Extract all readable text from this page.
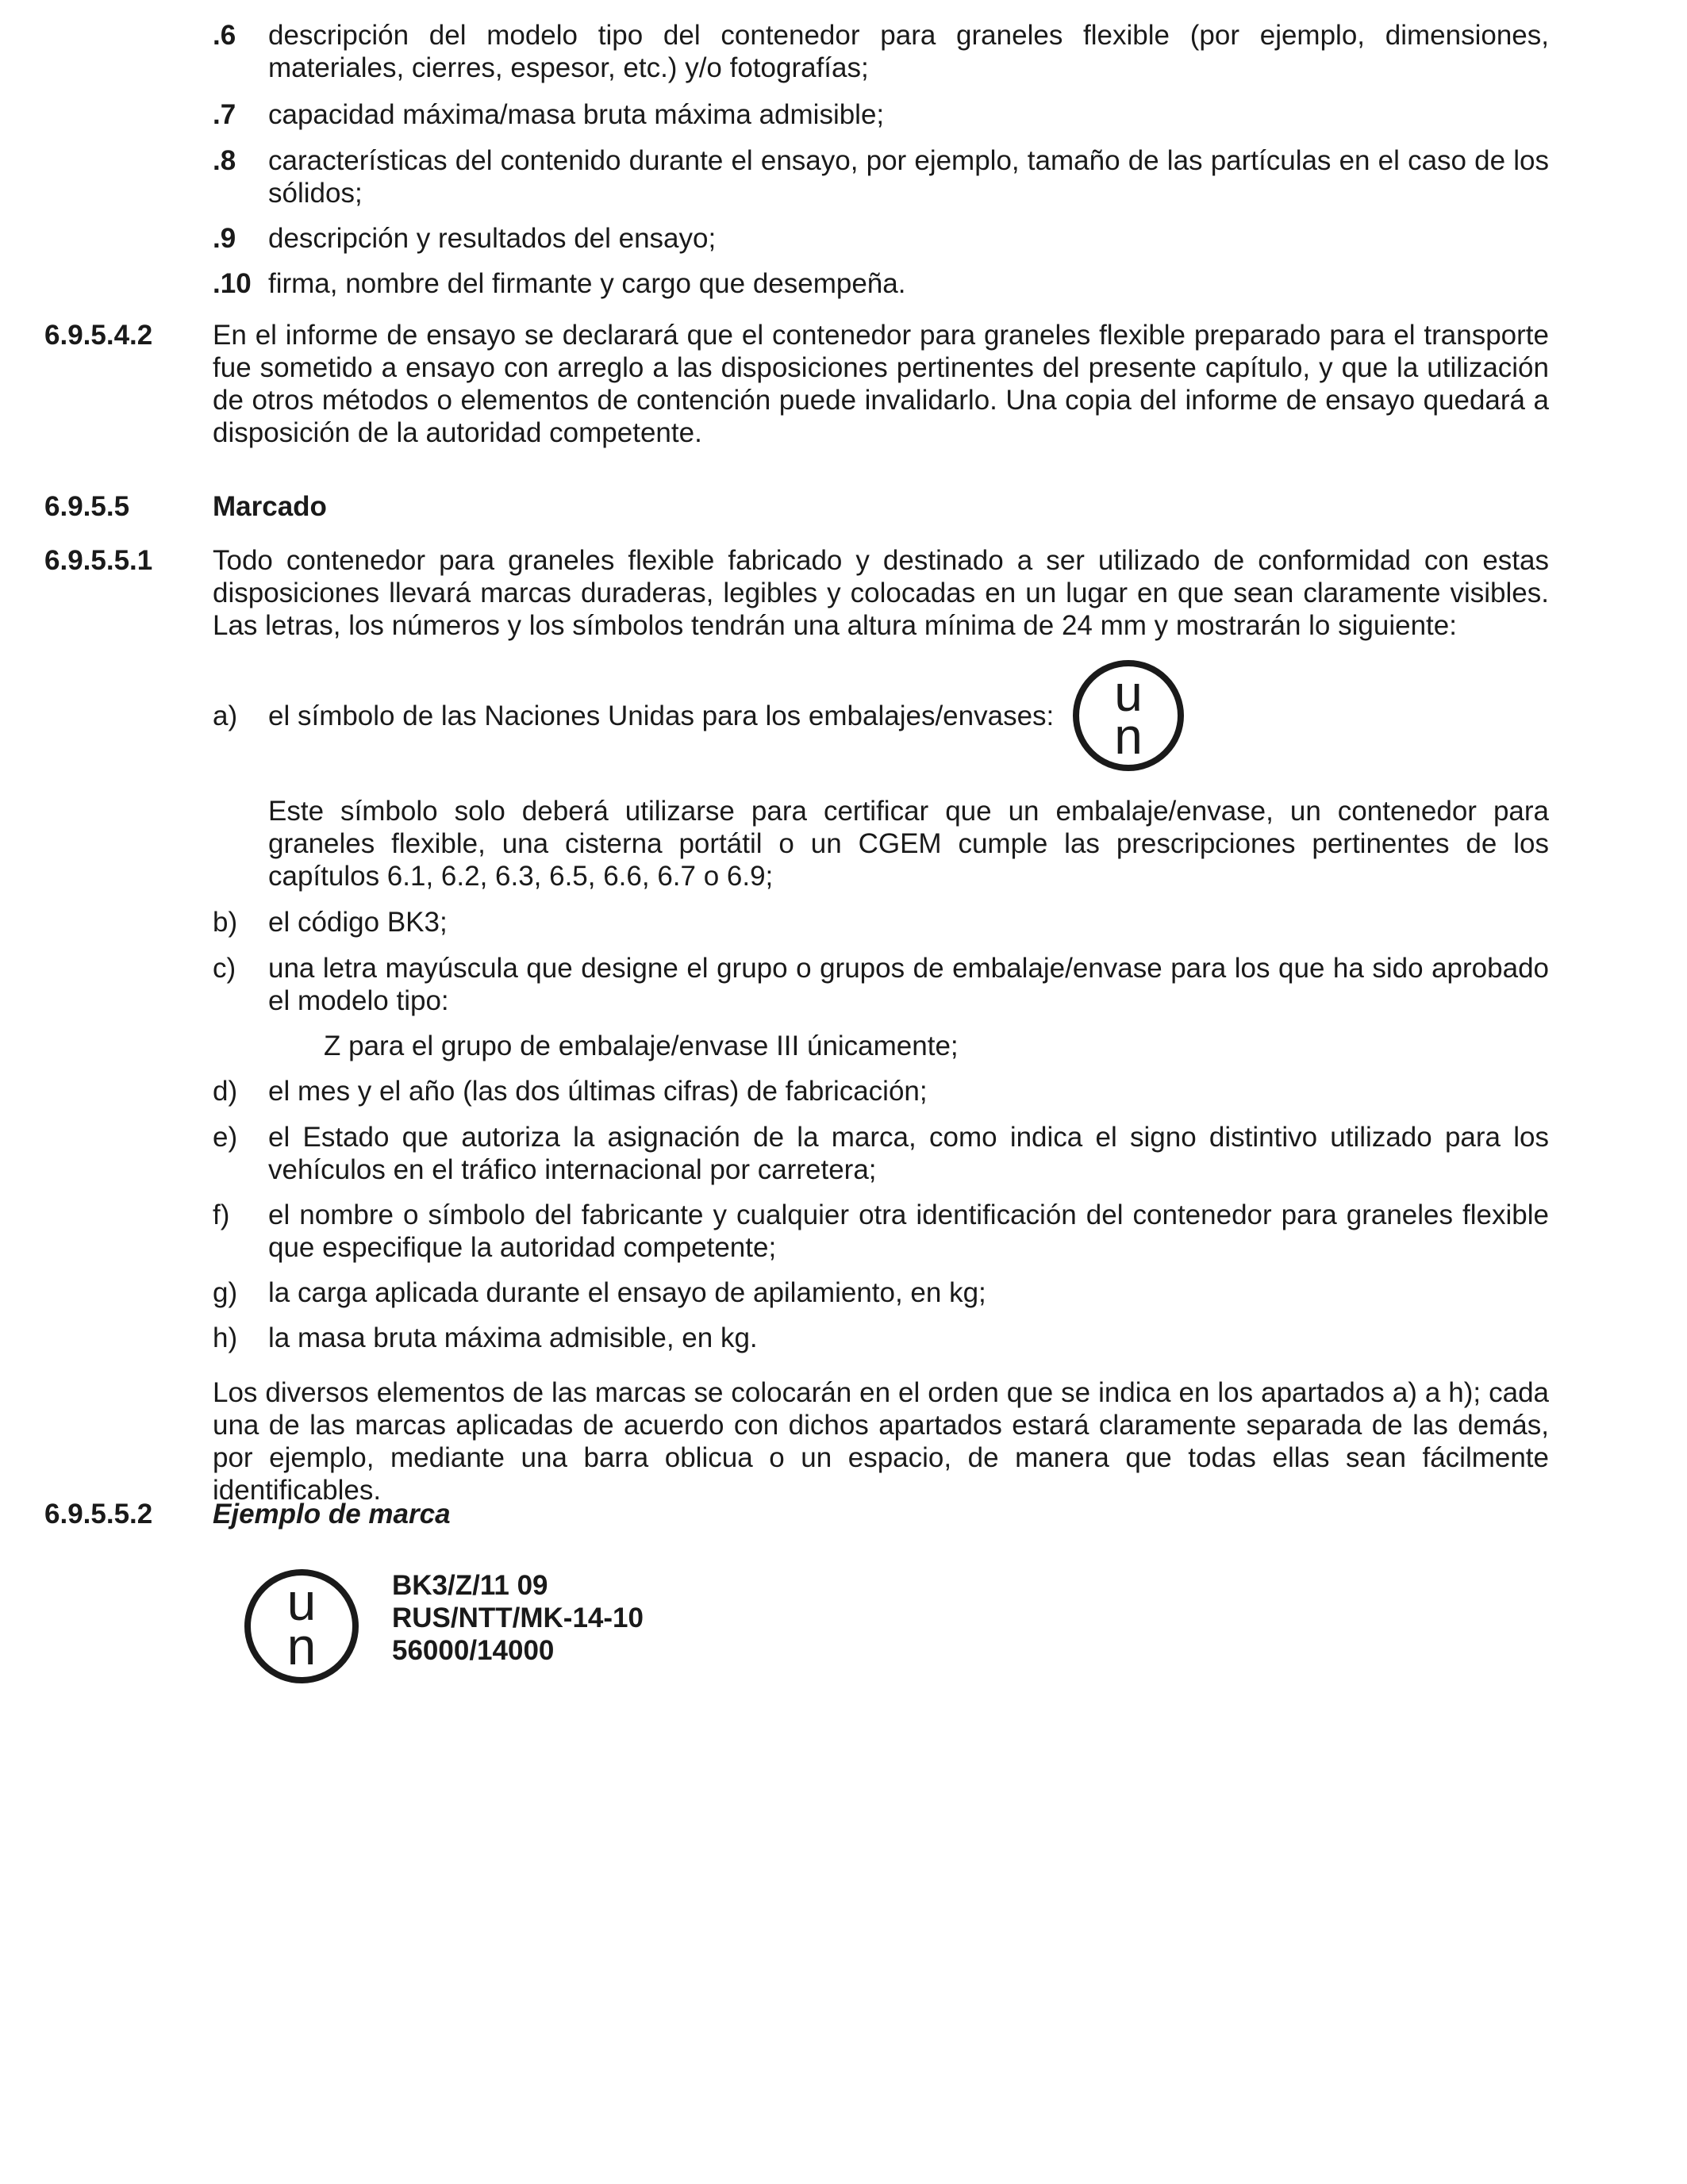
.6 descripción del modelo tipo del contenedor para graneles flexible (por ejemplo, dimensiones, materiales, cierres, espesor, etc.) y/o fotografías;
.7 capacidad máxima/masa bruta máxima admisible;
.8 características del contenido durante el ensayo, por ejemplo, tamaño de las partículas en el caso de los sólidos;
.9 descripción y resultados del ensayo;
.10 firma, nombre del firmante y cargo que desempeña.
6.9.5.4.2 En el informe de ensayo se declarará que el contenedor para graneles flexible preparado para el transporte fue sometido a ensayo con arreglo a las disposiciones pertinentes del presente capítulo, y que la utilización de otros métodos o elementos de contención puede invalidarlo. Una copia del informe de ensayo quedará a disposición de la autoridad competente.
6.9.5.5	Marcado
6.9.5.5.1 Todo contenedor para graneles flexible fabricado y destinado a ser utilizado de conformidad con estas disposiciones llevará marcas duraderas, legibles y colocadas en un lugar en que sean claramente visibles. Las letras, los números y los símbolos tendrán una altura mínima de 24 mm y mostrarán lo siguiente:
a) el símbolo de las Naciones Unidas para los embalajes/envases: u
n
Este símbolo solo deberá utilizarse para certificar que un embalaje/envase, un contenedor para graneles flexible, una cisterna portátil o un CGEM cumple las prescripciones pertinentes de los capítulos 6.1, 6.2, 6.3, 6.5, 6.6, 6.7 o 6.9;
b) el código BK3;
c) una letra mayúscula que designe el grupo o grupos de embalaje/envase para los que ha sido aprobado el modelo tipo:
Z para el grupo de embalaje/envase III únicamente;
d) el mes y el año (las dos últimas cifras) de fabricación;
e) el Estado que autoriza la asignación de la marca, como indica el signo distintivo utilizado para los vehículos en el tráfico internacional por carretera;
f) el nombre o símbolo del fabricante y cualquier otra identificación del contenedor para graneles flexible que especifique la autoridad competente;
g) la carga aplicada durante el ensayo de apilamiento, en kg;
h) la masa bruta máxima admisible, en kg.
Los diversos elementos de las marcas se colocarán en el orden que se indica en los apartados a) a h); cada una de las marcas aplicadas de acuerdo con dichos apartados estará claramente separada de las demás, por ejemplo, mediante una barra oblicua o un espacio, de manera que todas ellas sean fácilmente identificables.
6.9.5.5.2 Ejemplo de marca
u
n
BK3/Z/11 09
RUS/NTT/MK-14-10
56000/14000
